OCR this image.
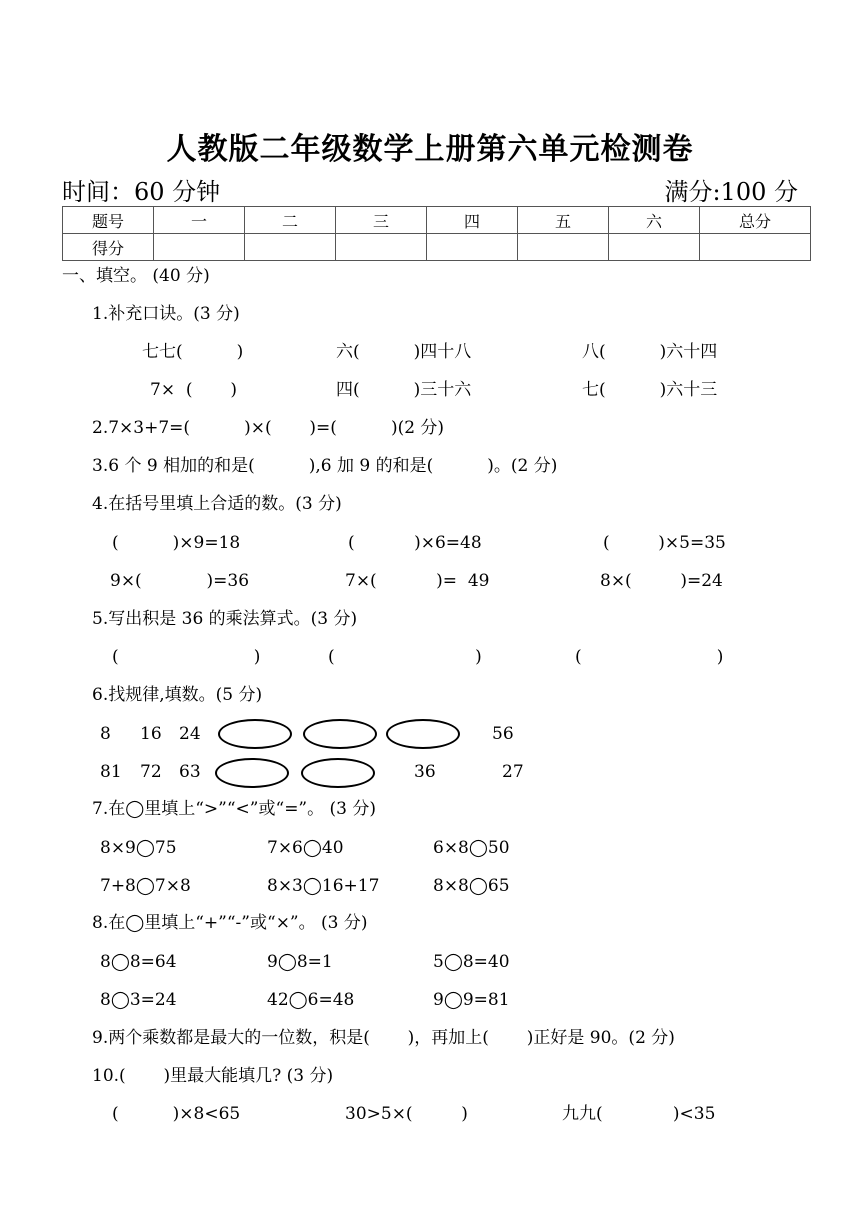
人教版二年级数学上册第六单元检测卷
时间：60 分钟	满分:100 分
题号	一	二	三	四	五	六	总分
得分							
一、填空。 (40 分)
1.补充口诀。(3 分)
七七(          )	六(          )四十八	八(          )六十四
7×  (       )	四(          )三十六	七(          )六十三
2.7×3+7=(          )×(       )=(          )(2 分)
3.6 个 9 相加的和是(          ),6 加 9 的和是(          )。(2 分)
4.在括号里填上合适的数。(3 分)
(          )×9=18	(           )×6=48	(         )×5=35
9×(            )=36	7×(           )=  49	8×(         )=24
5.写出积是 36 的乘法算式。(3 分)
(                         )	(                          )	(                         )
6.找规律,填数。(5 分)
8 16 24	56
81 72 63	36	27
7.在◯里填上“>”“<”或“=”。 (3 分)
8×9◯75	7×6◯40	6×8◯50
7+8◯7×8	8×3◯16+17	8×8◯65
8.在◯里填上“+”“-”或“×”。 (3 分)
8◯8=64	9◯8=1	5◯8=40
8◯3=24	42◯6=48	9◯9=81
9.两个乘数都是最大的一位数，积是(       )，再加上(       )正好是 90。(2 分)
10.(       )里最大能填几? (3 分)
(          )×8<65	30>5×(         )	九九(             )<35
